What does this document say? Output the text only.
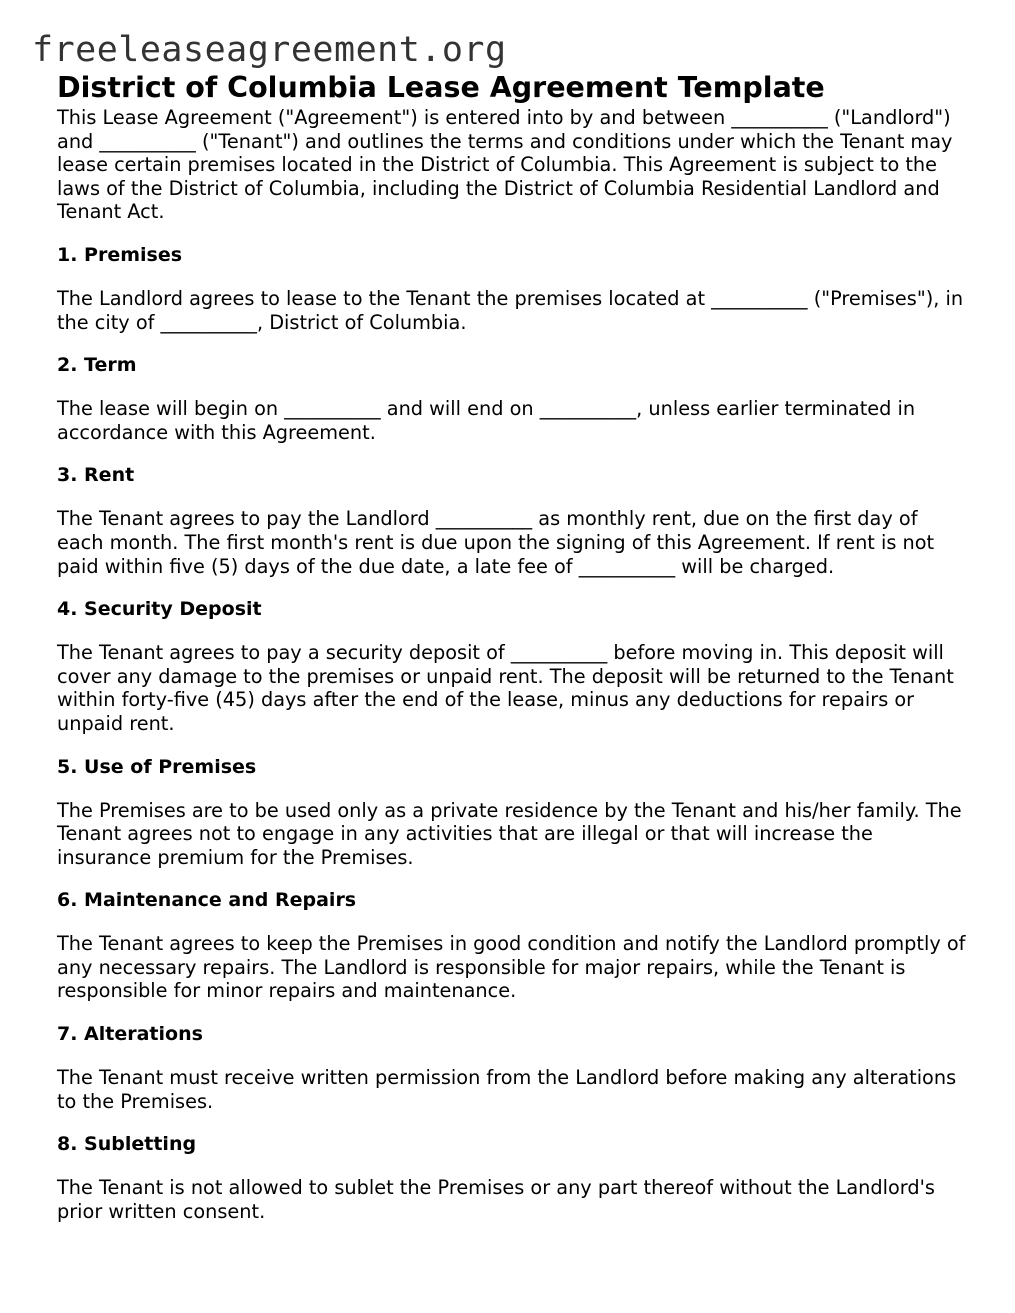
freeleaseagreement.org
District of Columbia Lease Agreement Template

This Lease Agreement ("Agreement") is entered into by and between __________ ("Landlord") and __________ ("Tenant") and outlines the terms and conditions under which the Tenant may lease certain premises located in the District of Columbia. This Agreement is subject to the laws of the District of Columbia, including the District of Columbia Residential Landlord and Tenant Act.

1. Premises

The Landlord agrees to lease to the Tenant the premises located at __________ ("Premises"), in the city of __________, District of Columbia.

2. Term

The lease will begin on __________ and will end on __________, unless earlier terminated in accordance with this Agreement.

3. Rent

The Tenant agrees to pay the Landlord __________ as monthly rent, due on the first day of each month. The first month's rent is due upon the signing of this Agreement. If rent is not paid within five (5) days of the due date, a late fee of __________ will be charged.

4. Security Deposit

The Tenant agrees to pay a security deposit of __________ before moving in. This deposit will cover any damage to the premises or unpaid rent. The deposit will be returned to the Tenant within forty-five (45) days after the end of the lease, minus any deductions for repairs or unpaid rent.

5. Use of Premises

The Premises are to be used only as a private residence by the Tenant and his/her family. The Tenant agrees not to engage in any activities that are illegal or that will increase the insurance premium for the Premises.

6. Maintenance and Repairs

The Tenant agrees to keep the Premises in good condition and notify the Landlord promptly of any necessary repairs. The Landlord is responsible for major repairs, while the Tenant is responsible for minor repairs and maintenance.

7. Alterations

The Tenant must receive written permission from the Landlord before making any alterations to the Premises.

8. Subletting

The Tenant is not allowed to sublet the Premises or any part thereof without the Landlord's prior written consent.
